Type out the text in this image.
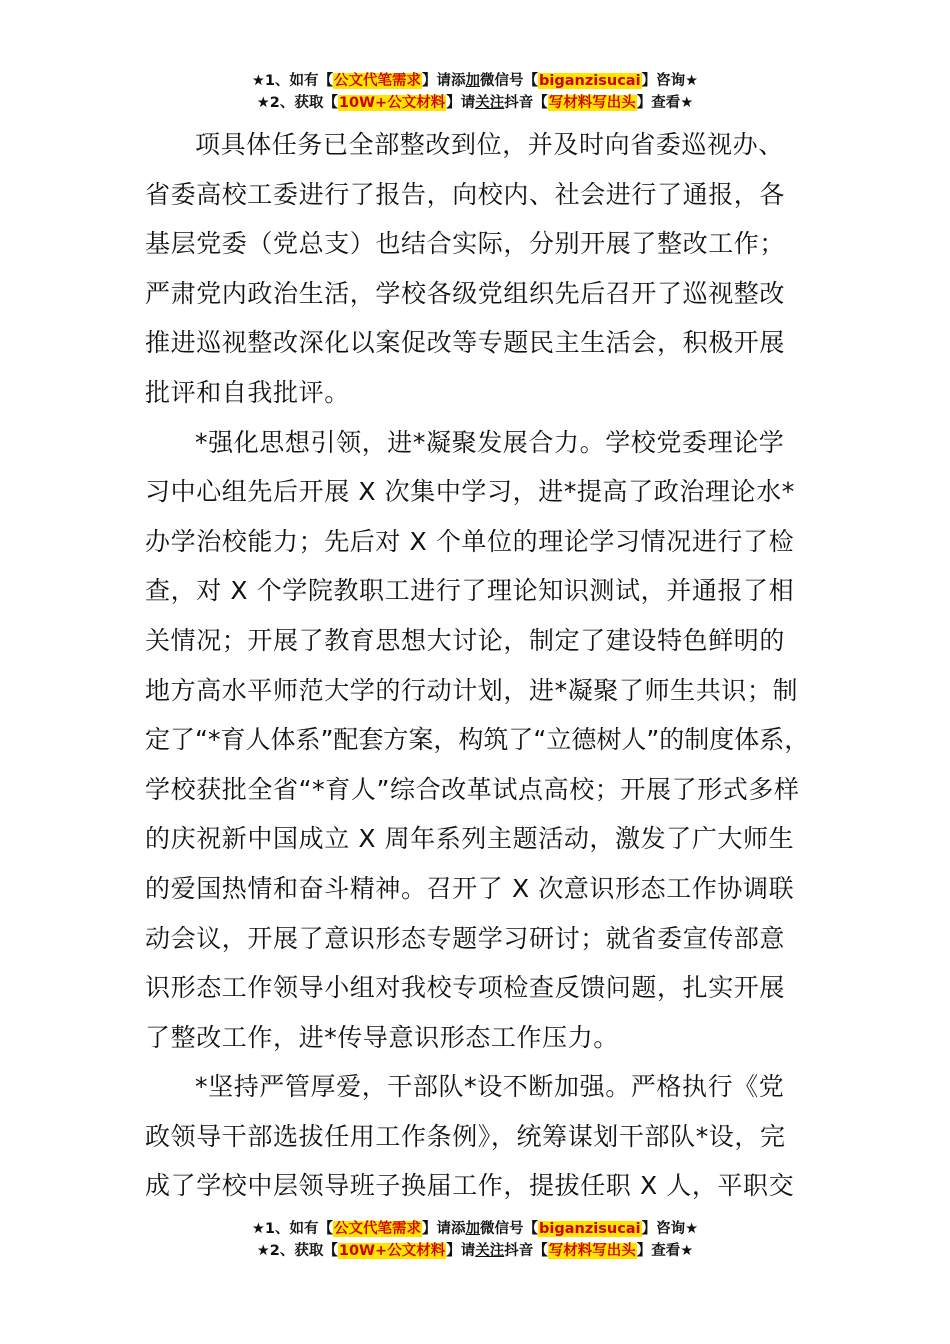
★1、如有【公文代笔需求】请添加微信号【biganzisucai】咨询★
★2、获取【10W+公文材料】请关注抖音【写材料写出头】查看★
项具体任务已全部整改到位，并及时向省委巡视办、
省委高校工委进行了报告，向校内、社会进行了通报，各
基层党委（党总支）也结合实际，分别开展了整改工作；
严肃党内政治生活，学校各级党组织先后召开了巡视整改
推进巡视整改深化以案促改等专题民主生活会，积极开展
批评和自我批评。
*强化思想引领，进*凝聚发展合力。学校党委理论学
习中心组先后开展 X 次集中学习，进*提高了政治理论水*
办学治校能力；先后对 X 个单位的理论学习情况进行了检
查，对 X 个学院教职工进行了理论知识测试，并通报了相
关情况；开展了教育思想大讨论，制定了建设特色鲜明的
地方高水平师范大学的行动计划，进*凝聚了师生共识；制
定了“*育人体系”配套方案，构筑了“立德树人”的制度体系，
学校获批全省“*育人”综合改革试点高校；开展了形式多样
的庆祝新中国成立 X 周年系列主题活动，激发了广大师生
的爱国热情和奋斗精神。召开了 X 次意识形态工作协调联
动会议，开展了意识形态专题学习研讨；就省委宣传部意
识形态工作领导小组对我校专项检查反馈问题，扎实开展
了整改工作，进*传导意识形态工作压力。
*坚持严管厚爱，干部队*设不断加强。严格执行《党
政领导干部选拔任用工作条例》，统筹谋划干部队*设，完
成了学校中层领导班子换届工作，提拔任职 X 人，平职交
★1、如有【公文代笔需求】请添加微信号【biganzisucai】咨询★
★2、获取【10W+公文材料】请关注抖音【写材料写出头】查看★
